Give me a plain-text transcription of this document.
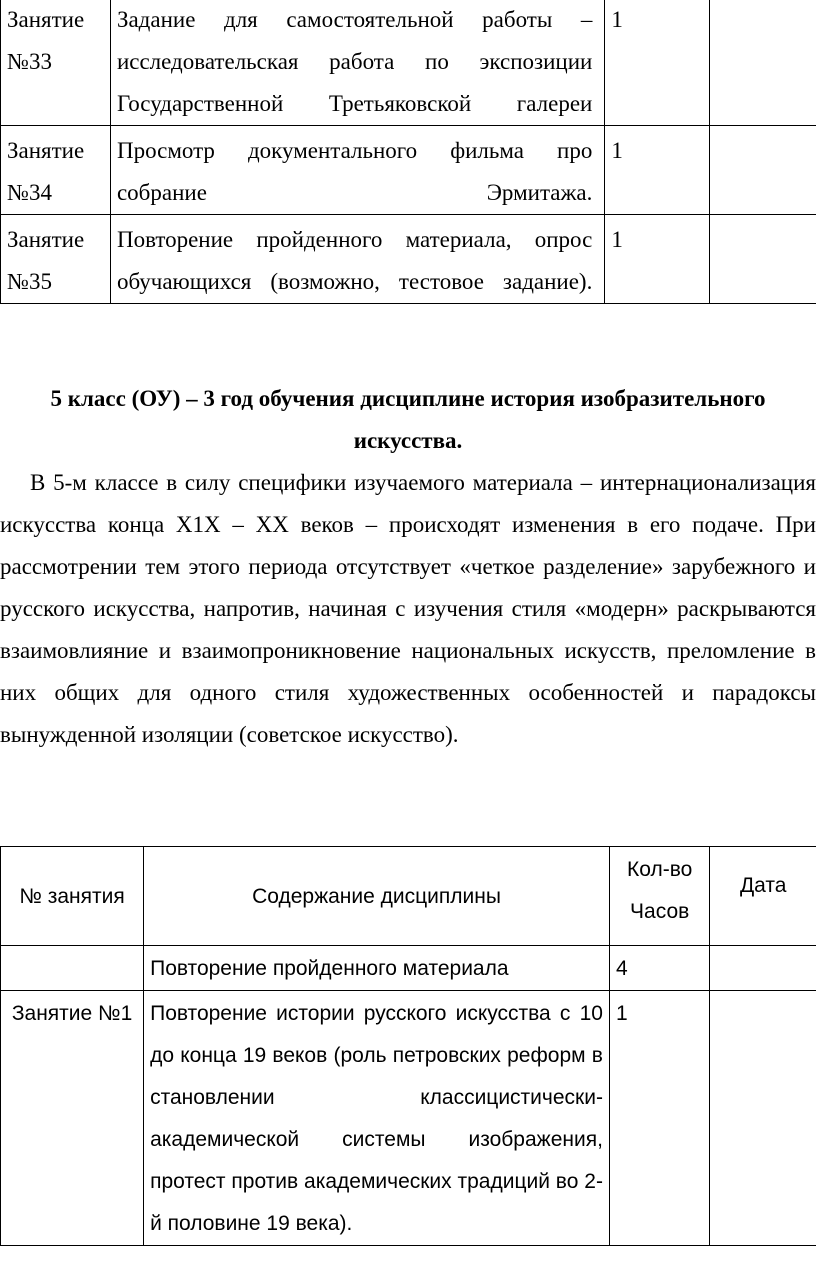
Занятие №33	Задание для самостоятельной работы – исследовательская работа по экспозиции Государственной Третьяковской галереи	1	
Занятие №34	Просмотр документального фильма про собрание Эрмитажа.	1	
Занятие №35	Повторение пройденного материала, опрос обучающихся (возможно, тестовое задание).	1	
5 класс (ОУ) – 3 год обучения дисциплине история изобразительного искусства.
В 5-м классе в силу специфики изучаемого материала – интернационализация искусства конца Х1Х – ХХ веков – происходят изменения в его подаче. При рассмотрении тем этого периода отсутствует «четкое разделение» зарубежного и русского искусства, напротив, начиная с изучения стиля «модерн» раскрываются взаимовлияние и взаимопроникновение национальных искусств, преломление в них общих для одного стиля художественных особенностей и парадоксы вынужденной изоляции (советское искусство).
№ занятия	Содержание дисциплины	Кол-во Часов	Дата
	Повторение пройденного материала	4	
Занятие №1	Повторение истории русского искусства с 10 до конца 19 веков (роль петровских реформ в становлении классицистически-академической системы изображения, протест против академических традиций во 2-й половине 19 века).	1	
